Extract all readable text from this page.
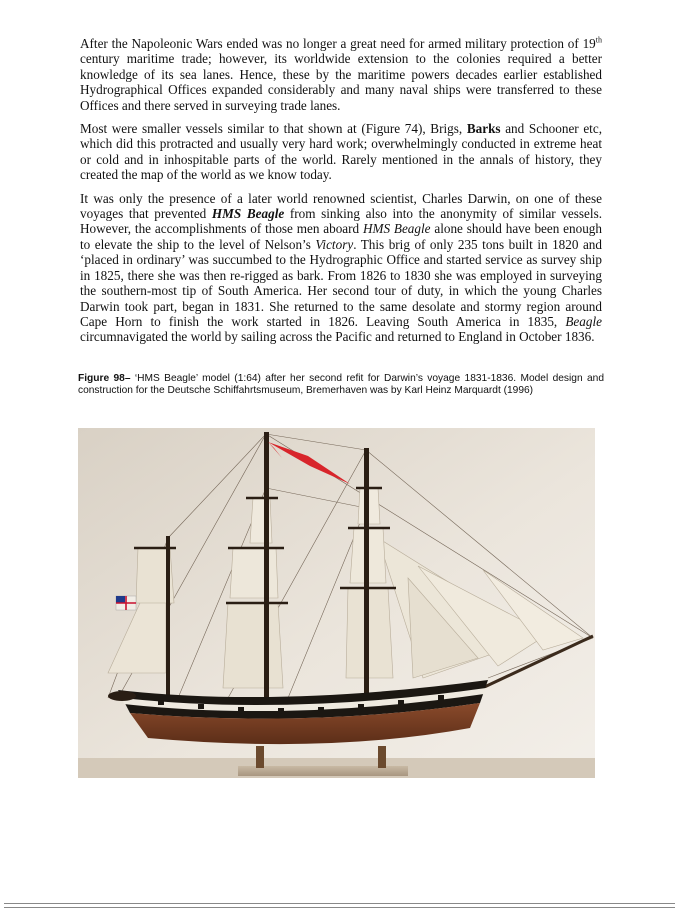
After the Napoleonic Wars ended was no longer a great need for armed military protection of 19th century maritime trade; however, its worldwide extension to the colonies required a better knowledge of its sea lanes. Hence, these by the maritime powers decades earlier established Hydrographical Offices expanded considerably and many naval ships were transferred to these Offices and there served in surveying trade lanes.

Most were smaller vessels similar to that shown at (Figure 74), Brigs, Barks and Schooner etc, which did this protracted and usually very hard work; overwhelmingly conducted in extreme heat or cold and in inhospitable parts of the world. Rarely mentioned in the annals of history, they created the map of the world as we know today.

It was only the presence of a later world renowned scientist, Charles Darwin, on one of these voyages that prevented HMS Beagle from sinking also into the anonymity of similar vessels. However, the accomplishments of those men aboard HMS Beagle alone should have been enough to elevate the ship to the level of Nelson’s Victory. This brig of only 235 tons built in 1820 and ‘placed in ordinary’ was succumbed to the Hydrographic Office and started service as survey ship in 1825, there she was then re-rigged as bark. From 1826 to 1830 she was employed in surveying the southern-most tip of South America. Her second tour of duty, in which the young Charles Darwin took part, began in 1831. She returned to the same desolate and stormy region around Cape Horn to finish the work started in 1826. Leaving South America in 1835, Beagle circumnavigated the world by sailing across the Pacific and returned to England in October 1836.

Figure 98– ‘HMS Beagle’ model (1:64) after her second refit for Darwin’s voyage 1831-1836. Model design and construction for the Deutsche Schiffahrtsmuseum, Bremerhaven was by Karl Heinz Marquardt (1996)
